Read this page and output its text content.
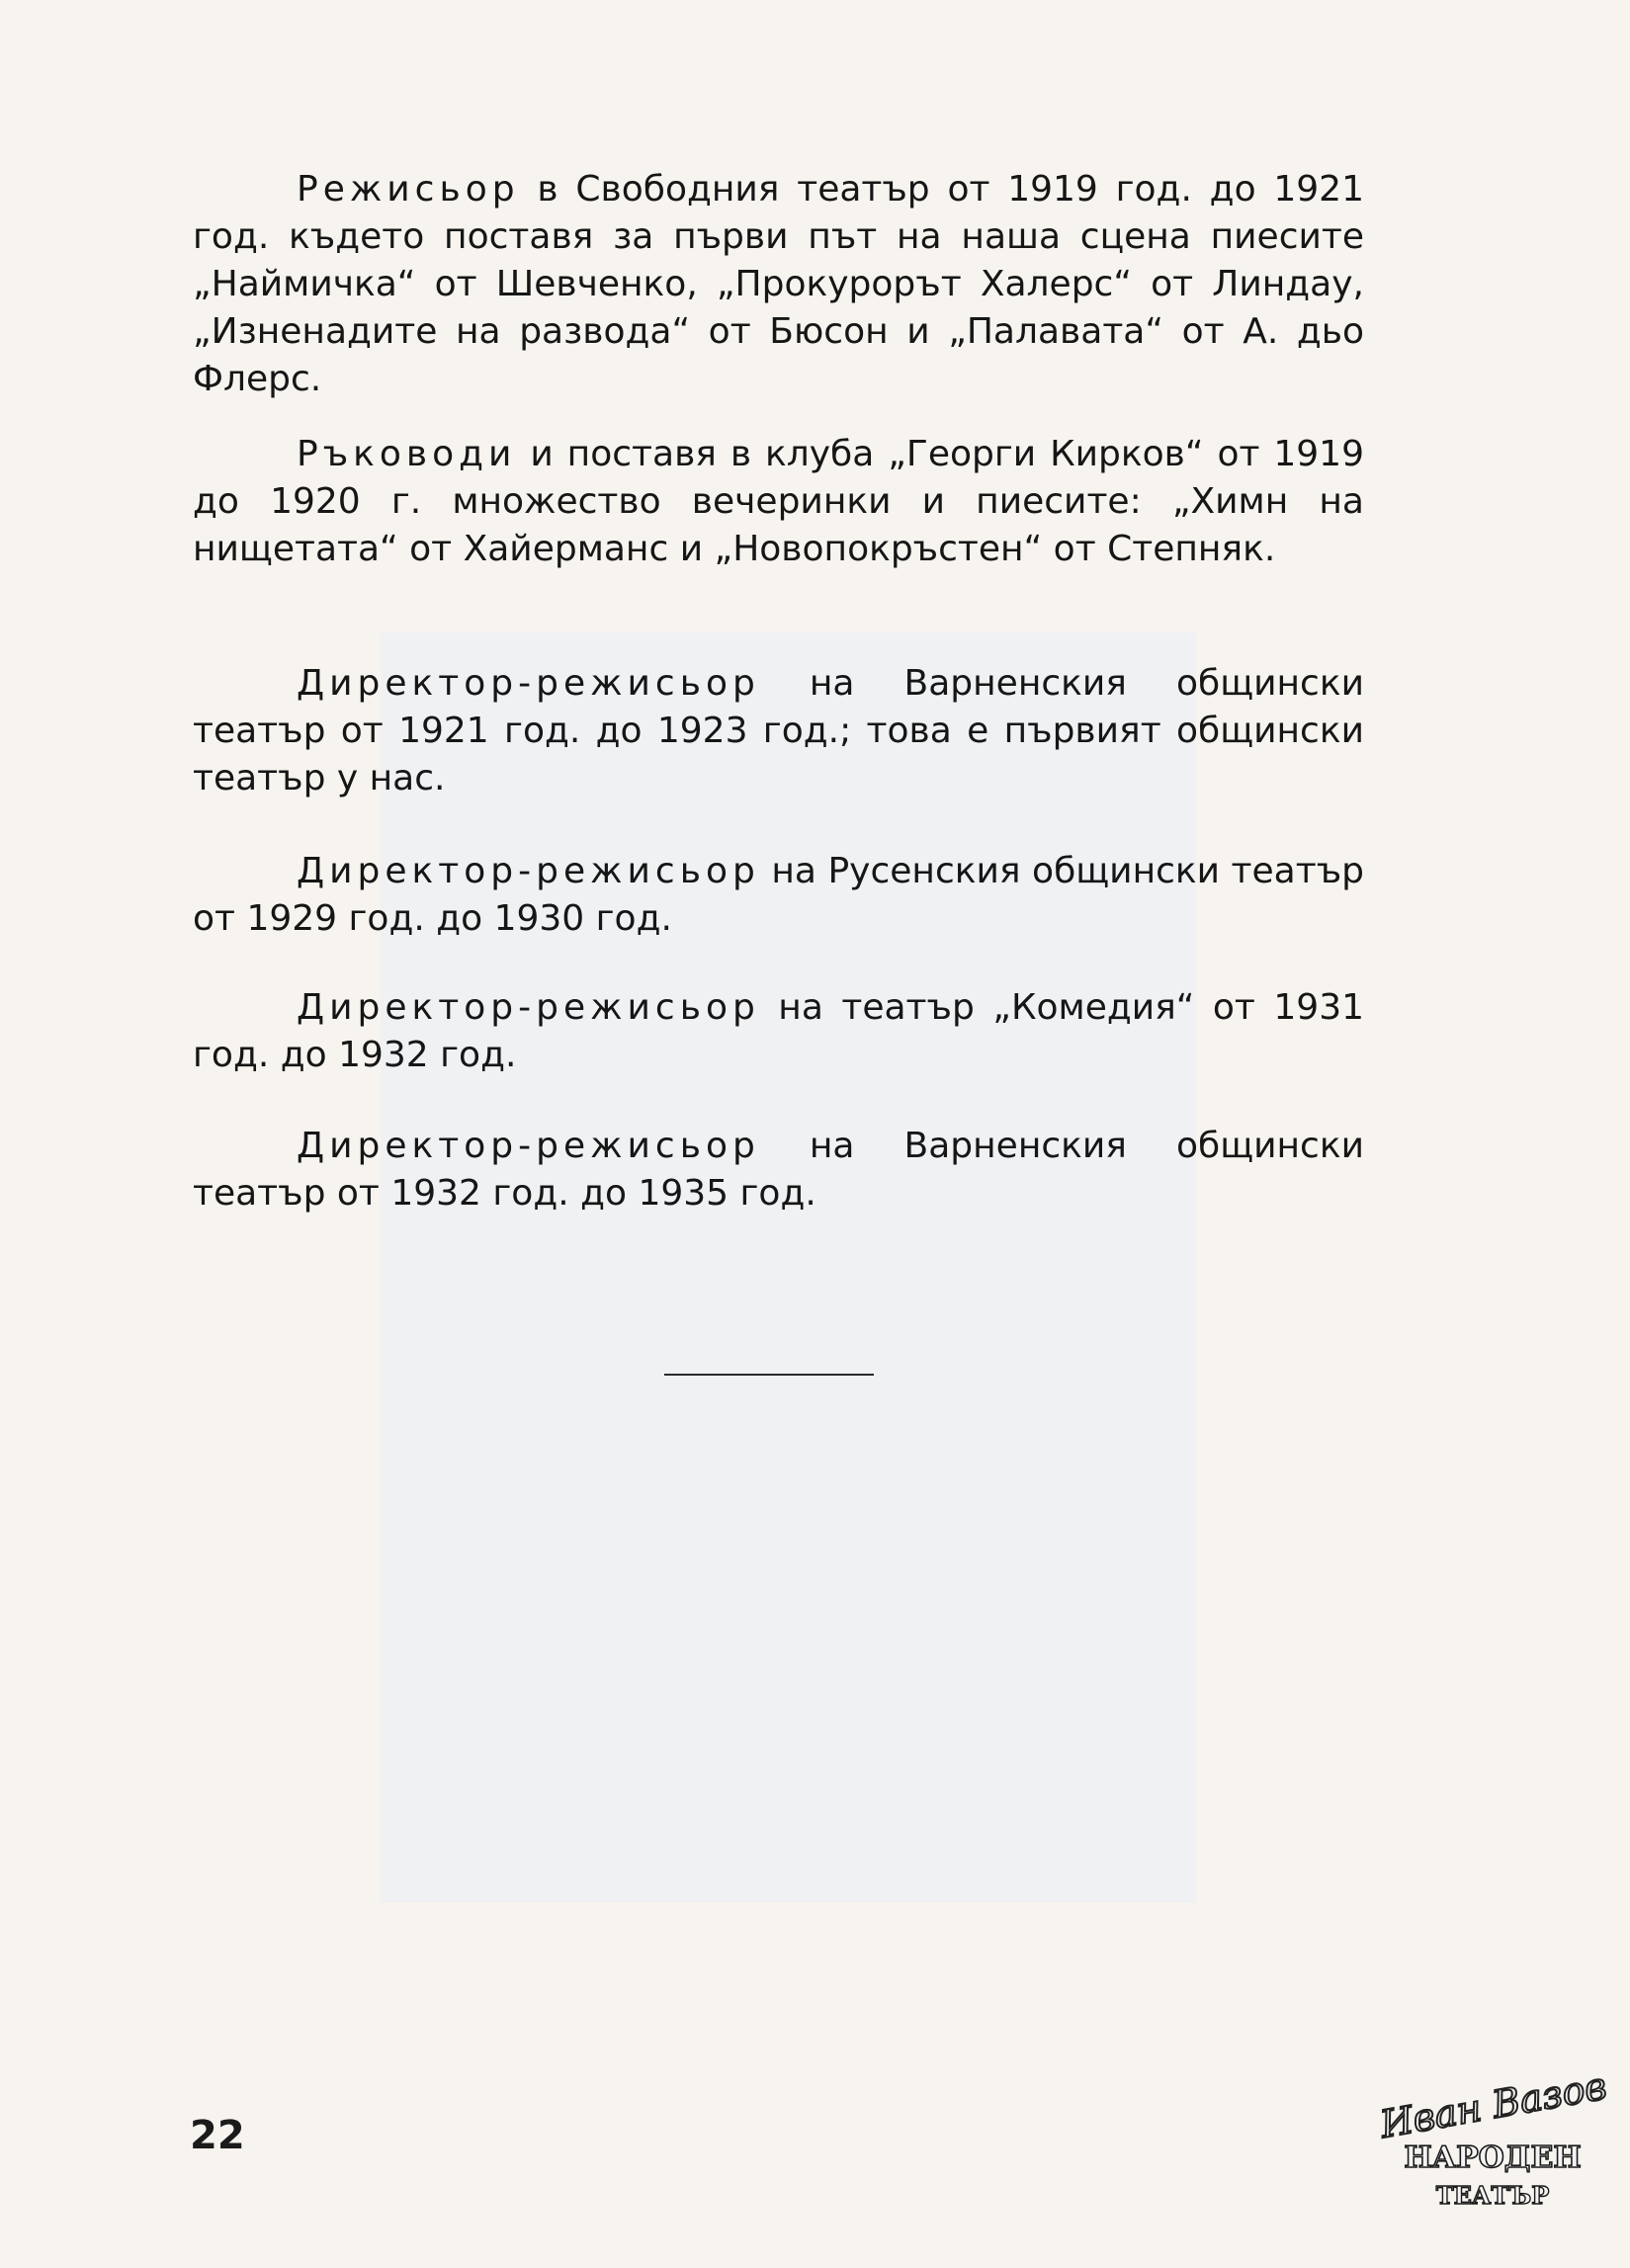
Режисьор в Свободния театър от 1919 год. до 1921 год. където поставя за първи път на наша сцена пиесите „Наймичка“ от Шевченко, „Прокурорът Халерс“ от Линдау, „Изненадите на развода“ от Бюсон и „Палавата“ от А. дьо Флерс.

Ръководи и поставя в клуба „Георги Кирков“ от 1919 до 1920 г. множество вечеринки и пиесите: „Химн на нищетата“ от Хайерманс и „Новопокръстен“ от Степняк.

Директор-режисьор на Варненския общински театър от 1921 год. до 1923 год.; това е първият общински театър у нас.

Директор-режисьор на Русенския общински театър от 1929 год. до 1930 год.

Директор-режисьор на театър „Комедия“ от 1931 год. до 1932 год.

Директор-режисьор на Варненския общински театър от 1932 год. до 1935 год.

22	Иван Вазов
НАРОДЕН
ТЕАТЪР
